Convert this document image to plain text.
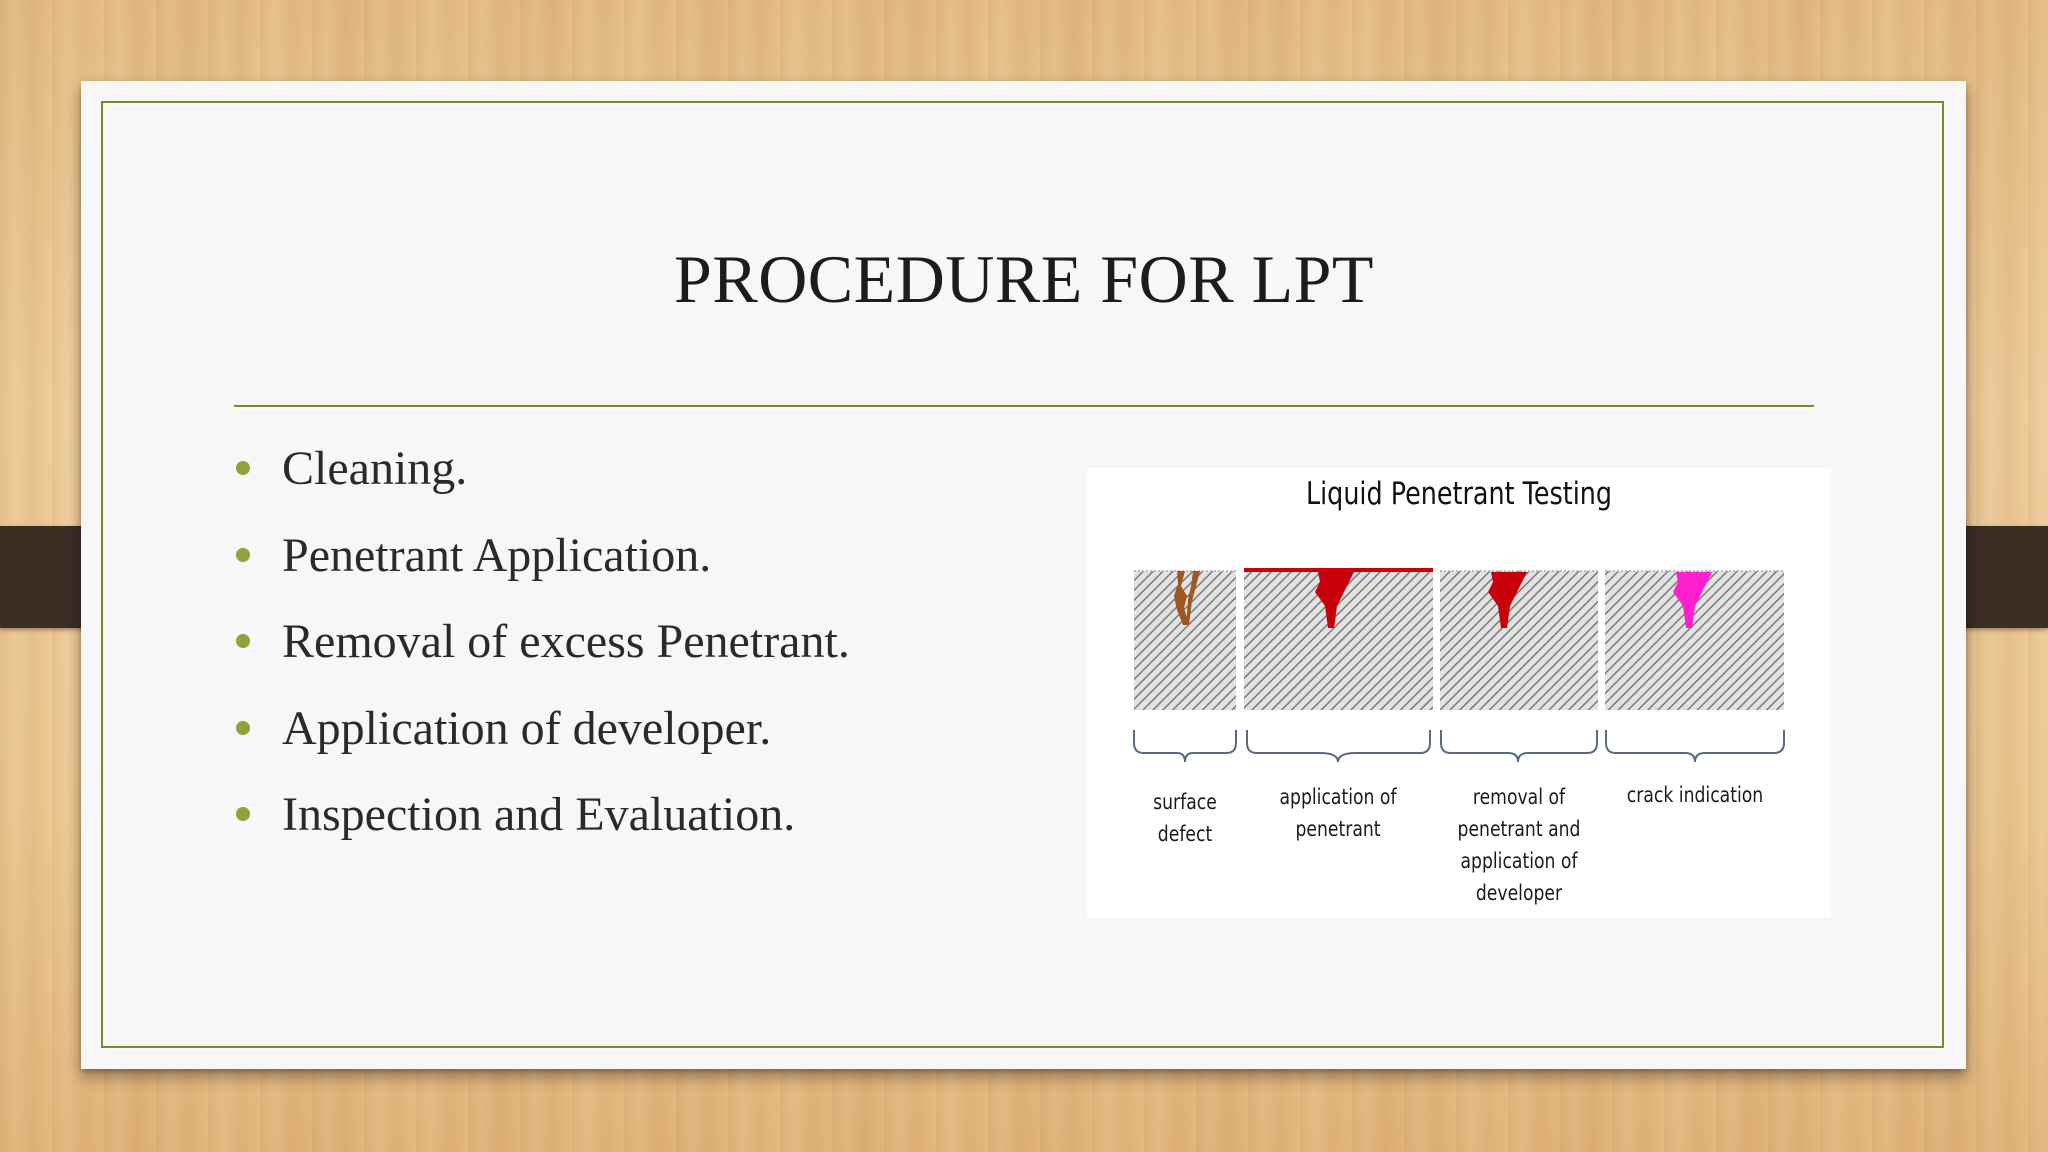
PROCEDURE FOR LPT
Cleaning.
Penetrant Application.
Removal of excess Penetrant.
Application of developer.
Inspection and Evaluation.
Liquid Penetrant Testing
surface
defect
application of
penetrant
removal of
penetrant and
application of developer
crack indication
